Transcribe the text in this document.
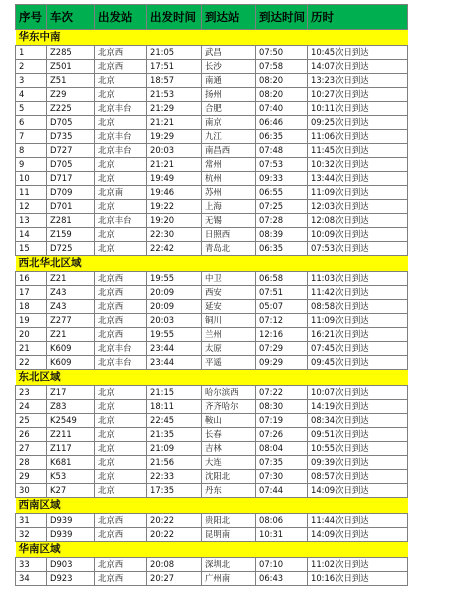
序号	车次	出发站	出发时间	到达站	到达时间	历时
华东中南						
1	Z285	北京西	21:05	武昌	07:50	10:45次日到达
2	Z501	北京西	17:51	长沙	07:58	14:07次日到达
3	Z51	北京	18:57	南通	08:20	13:23次日到达
4	Z29	北京	21:53	扬州	08:20	10:27次日到达
5	Z225	北京丰台	21:29	合肥	07:40	10:11次日到达
6	D705	北京	21:21	南京	06:46	09:25次日到达
7	D735	北京丰台	19:29	九江	06:35	11:06次日到达
8	D727	北京丰台	20:03	南昌西	07:48	11:45次日到达
9	D705	北京	21:21	常州	07:53	10:32次日到达
10	D717	北京	19:49	杭州	09:33	13:44次日到达
11	D709	北京南	19:46	苏州	06:55	11:09次日到达
12	D701	北京	19:22	上海	07:25	12:03次日到达
13	Z281	北京丰台	19:20	无锡	07:28	12:08次日到达
14	Z159	北京	22:30	日照西	08:39	10:09次日到达
15	D725	北京	22:42	青岛北	06:35	07:53次日到达
西北华北区域						
16	Z21	北京西	19:55	中卫	06:58	11:03次日到达
17	Z43	北京西	20:09	西安	07:51	11:42次日到达
18	Z43	北京西	20:09	延安	05:07	08:58次日到达
19	Z277	北京西	20:03	铜川	07:12	11:09次日到达
20	Z21	北京西	19:55	兰州	12:16	16:21次日到达
21	K609	北京丰台	23:44	太原	07:29	07:45次日到达
22	K609	北京丰台	23:44	平遥	09:29	09:45次日到达
东北区域						
23	Z17	北京	21:15	哈尔滨西	07:22	10:07次日到达
24	Z83	北京	18:11	齐齐哈尔	08:30	14:19次日到达
25	K2549	北京	22:45	鞍山	07:19	08:34次日到达
26	Z211	北京	21:35	长春	07:26	09:51次日到达
27	Z117	北京	21:09	吉林	08:04	10:55次日到达
28	K681	北京	21:56	大连	07:35	09:39次日到达
29	K53	北京	22:33	沈阳北	07:30	08:57次日到达
30	K27	北京	17:35	丹东	07:44	14:09次日到达
西南区域						
31	D939	北京西	20:22	贵阳北	08:06	11:44次日到达
32	D939	北京西	20:22	昆明南	10:31	14:09次日到达
华南区域						
33	D903	北京西	20:08	深圳北	07:10	11:02次日到达
34	D923	北京西	20:27	广州南	06:43	10:16次日到达
